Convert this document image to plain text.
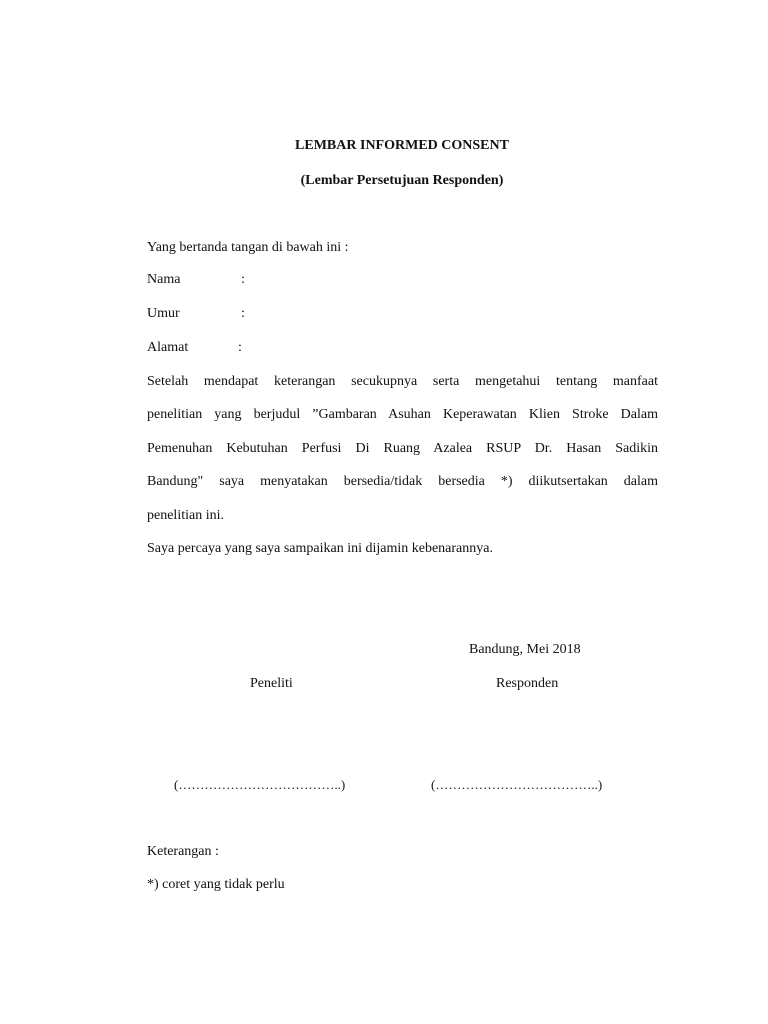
LEMBAR INFORMED CONSENT
(Lembar Persetujuan Responden)
Yang bertanda tangan di bawah ini :
Nama	:
Umur	:
Alamat	:
Setelah mendapat keterangan secukupnya serta mengetahui tentang manfaat
penelitian yang berjudul ”Gambaran Asuhan Keperawatan Klien Stroke Dalam
Pemenuhan Kebutuhan Perfusi Di Ruang Azalea RSUP Dr. Hasan Sadikin
Bandung" saya menyatakan bersedia/tidak bersedia *) diikutsertakan dalam
penelitian ini.
Saya percaya yang saya sampaikan ini dijamin kebenarannya.
Bandung, Mei 2018
Peneliti	Responden
(………………………………..)	(………………………………..)
Keterangan :
*) coret yang tidak perlu
